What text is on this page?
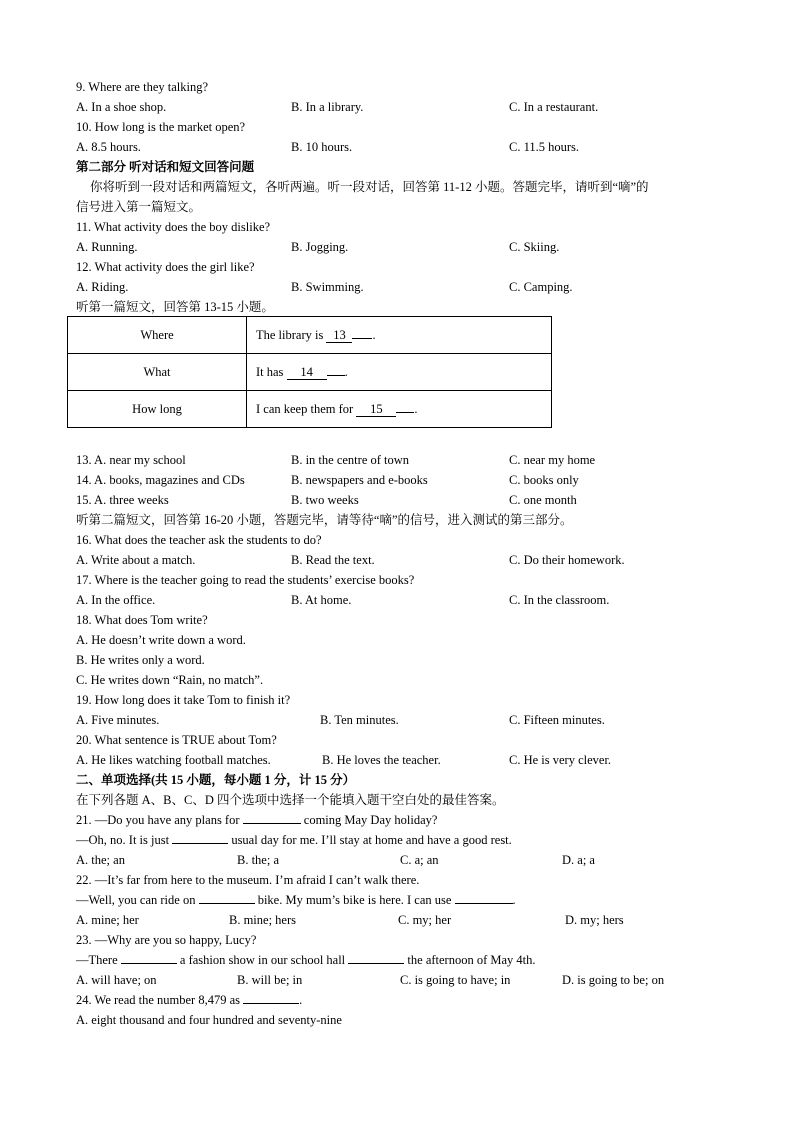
9. Where are they talking?
A. In a shoe shop.	B. In a library.	C. In a restaurant.
10. How long is the market open?
A. 8.5 hours.	B. 10 hours.	C. 11.5 hours.
第二部分 听对话和短文回答问题
你将听到一段对话和两篇短文，各听两遍。听一段对话，回答第 11-12 小题。答题完毕，请听到“嘀”的
信号进入第一篇短文。
11. What activity does the boy dislike?
A. Running.	B. Jogging.	C. Skiing.
12. What activity does the girl like?
A. Riding.	B. Swimming.	C. Camping.
听第一篇短文，回答第 13-15 小题。
Where	The library is 13 .
What	It has 14 .
How long	I can keep them for 15 .
13. A. near my school	B. in the centre of town	C. near my home
14. A. books, magazines and CDs	B. newspapers and e-books	C. books only
15. A. three weeks	B. two weeks	C. one month
听第二篇短文，回答第 16-20 小题，答题完毕，请等待“嘀”的信号，进入测试的第三部分。
16. What does the teacher ask the students to do?
A. Write about a match.	B. Read the text.	C. Do their homework.
17. Where is the teacher going to read the students’ exercise books?
A. In the office.	B. At home.	C. In the classroom.
18. What does Tom write?
A. He doesn’t write down a word.
B. He writes only a word.
C. He writes down “Rain, no match”.
19. How long does it take Tom to finish it?
A. Five minutes.	B. Ten minutes.	C. Fifteen minutes.
20. What sentence is TRUE about Tom?
A. He likes watching football matches.	B. He loves the teacher.	C. He is very clever.
二、单项选择(共 15 小题，每小题 1 分，计 15 分）
在下列各题 A、B、C、D 四个选项中选择一个能填入题干空白处的最佳答案。
21. —Do you have any plans for	coming May Day holiday?
—Oh, no. It is just	usual day for me. I’ll stay at home and have a good rest.
A. the; an	B. the; a	C. a; an	D. a; a
22. —It’s far from here to the museum. I’m afraid I can’t walk there.
—Well, you can ride on	bike. My mum’s bike is here. I can use	.
A. mine; her	B. mine; hers	C. my; her	D. my; hers
23. —Why are you so happy, Lucy?
—There	a fashion show in our school hall	the afternoon of May 4th.
A. will have; on	B. will be; in	C. is going to have; in	D. is going to be; on
24. We read the number 8,479 as	.
A. eight thousand and four hundred and seventy-nine
